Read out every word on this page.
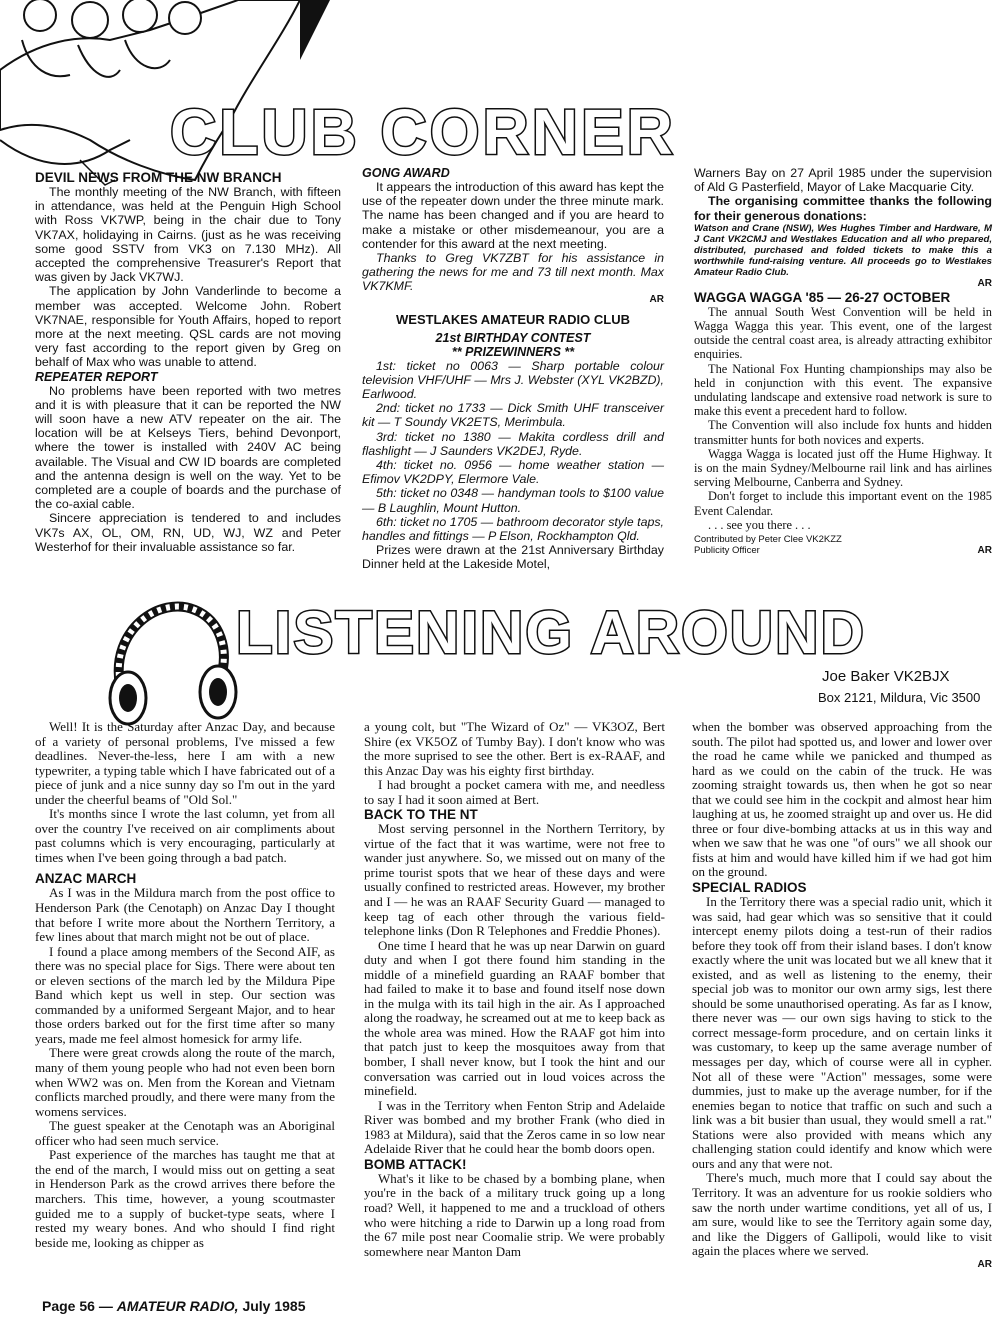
CLUB CORNER
DEVIL NEWS FROM THE NW BRANCH

The monthly meeting of the NW Branch, with fifteen in attendance, was held at the Penguin High School with Ross VK7WP, being in the chair due to Tony VK7AX, holidaying in Cairns. (just as he was receiving some good SSTV from VK3 on 7.130 MHz). All accepted the comprehensive Treasurer's Report that was given by Jack VK7WJ.

The application by John Vanderlinde to become a member was accepted. Welcome John. Robert VK7NAE, responsible for Youth Affairs, hoped to report more at the next meeting. QSL cards are not moving very fast according to the report given by Greg on behalf of Max who was unable to attend.

REPEATER REPORT

No problems have been reported with two metres and it is with pleasure that it can be reported the NW will soon have a new ATV repeater on the air. The location will be at Kelseys Tiers, behind Devonport, where the tower is installed with 240V AC being available. The Visual and CW ID boards are completed and the antenna design is well on the way. Yet to be completed are a couple of boards and the purchase of the co-axial cable.

Sincere appreciation is tendered to and includes VK7s AX, OL, OM, RN, UD, WJ, WZ and Peter Westerhof for their invaluable assistance so far.

GONG AWARD

It appears the introduction of this award has kept the use of the repeater down under the three minute mark. The name has been changed and if you are heard to make a mistake or other misdemeanour, you are a contender for this award at the next meeting.

Thanks to Greg VK7ZBT for his assistance in gathering the news for me and 73 till next month. Max VK7KMF.

AR
WESTLAKES AMATEUR RADIO CLUB
21st BIRTHDAY CONTEST
** PRIZEWINNERS **

1st: ticket no 0063 — Sharp portable colour television VHF/UHF — Mrs J. Webster (XYL VK2BZD), Earlwood.

2nd: ticket no 1733 — Dick Smith UHF transceiver kit — T Soundy VK2ETS, Merimbula.

3rd: ticket no 1380 — Makita cordless drill and flashlight — J Saunders VK2DEJ, Ryde.

4th: ticket no. 0956 — home weather station — Efimov VK2DPY, Elermore Vale.

5th: ticket no 0348 — handyman tools to $100 value — B Laughlin, Mount Hutton.

6th: ticket no 1705 — bathroom decorator style taps, handles and fittings — P Elson, Rockhampton Qld.

Prizes were drawn at the 21st Anniversary Birthday Dinner held at the Lakeside Motel,

Warners Bay on 27 April 1985 under the supervision of Ald G Pasterfield, Mayor of Lake Macquarie City.

The organising committee thanks the following for their generous donations:

Watson and Crane (NSW), Wes Hughes Timber and Hardware, M J Cant VK2CMJ and Westlakes Education and all who prepared, distributed, purchased and folded tickets to make this a worthwhile fund-raising venture. All proceeds go to Westlakes Amateur Radio Club.

AR
WAGGA WAGGA '85 — 26-27 OCTOBER

The annual South West Convention will be held in Wagga Wagga this year. This event, one of the largest outside the central coast area, is already attracting exhibitor enquiries.

The National Fox Hunting championships may also be held in conjunction with this event. The expansive undulating landscape and extensive road network is sure to make this event a precedent hard to follow.

The Convention will also include fox hunts and hidden transmitter hunts for both novices and experts.

Wagga Wagga is located just off the Hume Highway. It is on the main Sydney/Melbourne rail link and has airlines serving Melbourne, Canberra and Sydney.

Don't forget to include this important event on the 1985 Event Calendar.

. . . see you there . . .

Contributed by Peter Clee VK2KZZ

Publicity Officer	AR
LISTENING AROUND
Joe Baker VK2BJX
Box 2121, Mildura, Vic 3500

Well! It is the Saturday after Anzac Day, and because of a variety of personal problems, I've missed a few deadlines. Never-the-less, here I am with a new typewriter, a typing table which I have fabricated out of a piece of junk and a nice sunny day so I'm out in the yard under the cheerful beams of "Old Sol."

It's months since I wrote the last column, yet from all over the country I've received on air compliments about past columns which is very encouraging, particularly at times when I've been going through a bad patch.

ANZAC MARCH

As I was in the Mildura march from the post office to Henderson Park (the Cenotaph) on Anzac Day I thought that before I write more about the Northern Territory, a few lines about that march might not be out of place.

I found a place among members of the Second AIF, as there was no special place for Sigs. There were about ten or eleven sections of the march led by the Mildura Pipe Band which kept us well in step. Our section was commanded by a uniformed Sergeant Major, and to hear those orders barked out for the first time after so many years, made me feel almost homesick for army life.

There were great crowds along the route of the march, many of them young people who had not even been born when WW2 was on. Men from the Korean and Vietnam conflicts marched proudly, and there were many from the womens services.

The guest speaker at the Cenotaph was an Aboriginal officer who had seen much service.

Past experience of the marches has taught me that at the end of the march, I would miss out on getting a seat in Henderson Park as the crowd arrives there before the marchers. This time, however, a young scoutmaster guided me to a supply of bucket-type seats, where I rested my weary bones. And who should I find right beside me, looking as chipper as

a young colt, but "The Wizard of Oz" — VK3OZ, Bert Shire (ex VK5OZ of Tumby Bay). I don't know who was the more suprised to see the other. Bert is ex-RAAF, and this Anzac Day was his eighty first birthday.

I had brought a pocket camera with me, and needless to say I had it soon aimed at Bert.

BACK TO THE NT

Most serving personnel in the Northern Territory, by virtue of the fact that it was wartime, were not free to wander just anywhere. So, we missed out on many of the prime tourist spots that we hear of these days and were usually confined to restricted areas. However, my brother and I — he was an RAAF Security Guard — managed to keep tag of each other through the various field-telephone links (Don R Telephones and Freddie Phones).

One time I heard that he was up near Darwin on guard duty and when I got there found him standing in the middle of a minefield guarding an RAAF bomber that had failed to make it to base and found itself nose down in the mulga with its tail high in the air. As I approached along the roadway, he screamed out at me to keep back as the whole area was mined. How the RAAF got him into that patch just to keep the mosquitoes away from that bomber, I shall never know, but I took the hint and our conversation was carried out in loud voices across the minefield.

I was in the Territory when Fenton Strip and Adelaide River was bombed and my brother Frank (who died in 1983 at Mildura), said that the Zeros came in so low near Adelaide River that he could hear the bomb doors open.

BOMB ATTACK!

What's it like to be chased by a bombing plane, when you're in the back of a military truck going up a long road? Well, it happened to me and a truckload of others who were hitching a ride to Darwin up a long road from the 67 mile post near Coomalie strip. We were probably somewhere near Manton Dam

when the bomber was observed approaching from the south. The pilot had spotted us, and lower and lower over the road he came while we panicked and thumped as hard as we could on the cabin of the truck. He was zooming straight towards us, then when he got so near that we could see him in the cockpit and almost hear him laughing at us, he zoomed straight up and over us. He did three or four dive-bombing attacks at us in this way and when we saw that he was one "of ours" we all shook our fists at him and would have killed him if we had got him on the ground.

SPECIAL RADIOS

In the Territory there was a special radio unit, which it was said, had gear which was so sensitive that it could intercept enemy pilots doing a test-run of their radios before they took off from their island bases. I don't know exactly where the unit was located but we all knew that it existed, and as well as listening to the enemy, their special job was to monitor our own army sigs, lest there should be some unauthorised operating. As far as I know, there never was — our own sigs having to stick to the correct message-form procedure, and on certain links it was customary, to keep up the same average number of messages per day, which of course were all in cypher. Not all of these were "Action" messages, some were dummies, just to make up the average number, for if the enemies began to notice that traffic on such and such a link was a bit busier than usual, they would smell a rat." Stations were also provided with means which any challenging station could identify and know which were ours and any that were not.

There's much, much more that I could say about the Territory. It was an adventure for us rookie soldiers who saw the north under wartime conditions, yet all of us, I am sure, would like to see the Territory again some day, and like the Diggers of Gallipoli, would like to visit again the places where we served.

AR
Page 56 — AMATEUR RADIO, July 1985
